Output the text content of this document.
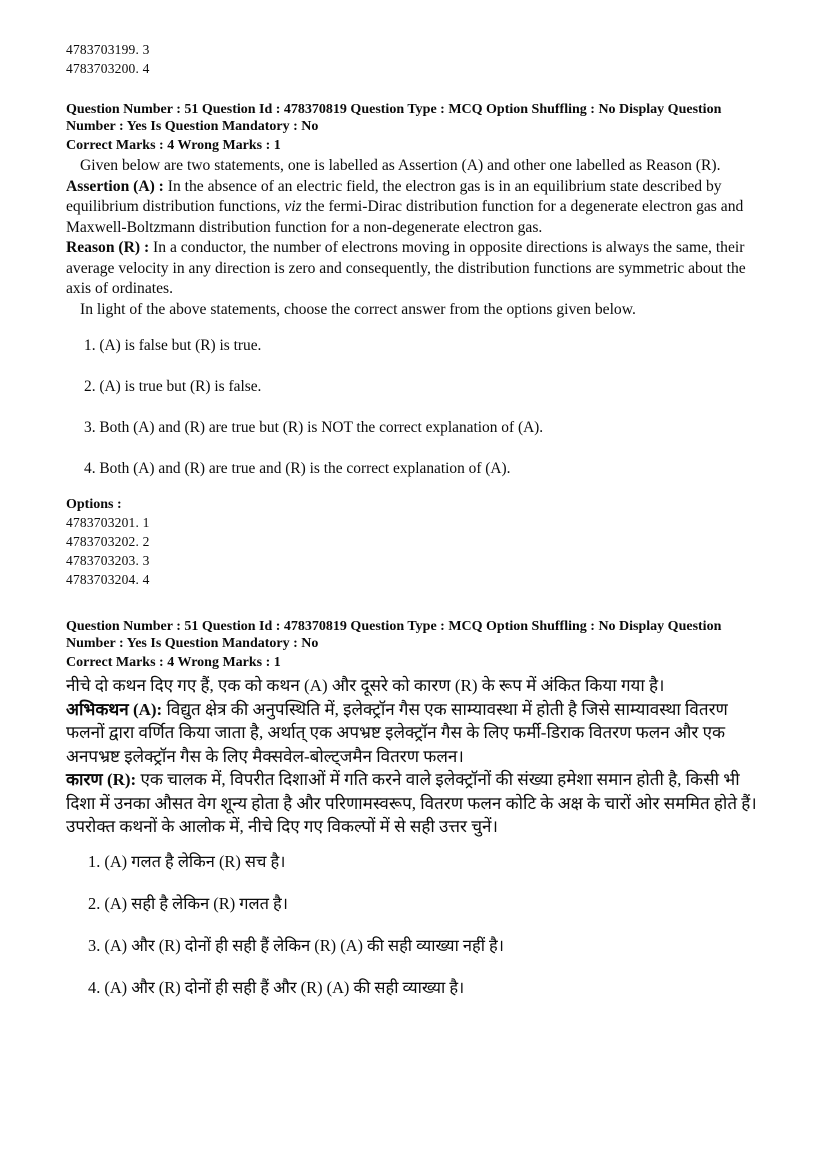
4783703199. 3
4783703200. 4
Question Number : 51 Question Id : 478370819 Question Type : MCQ Option Shuffling : No Display Question
Number : Yes Is Question Mandatory : No
Correct Marks : 4 Wrong Marks : 1

Given below are two statements, one is labelled as Assertion (A) and other one labelled as Reason (R).

Assertion (A) : In the absence of an electric field, the electron gas is in an equilibrium state described by equilibrium distribution functions, viz the fermi-Dirac distribution function for a degenerate electron gas and Maxwell-Boltzmann distribution function for a non-degenerate electron gas.

Reason (R) : In a conductor, the number of electrons moving in opposite directions is always the same, their average velocity in any direction is zero and consequently, the distribution functions are symmetric about the axis of ordinates.

In light of the above statements, choose the correct answer from the options given below.

1. (A) is false but (R) is true.

2. (A) is true but (R) is false.

3. Both (A) and (R) are true but (R) is NOT the correct explanation of (A).

4. Both (A) and (R) are true and (R) is the correct explanation of (A).

Options :
4783703201. 1
4783703202. 2
4783703203. 3
4783703204. 4
Question Number : 51 Question Id : 478370819 Question Type : MCQ Option Shuffling : No Display Question
Number : Yes Is Question Mandatory : No
Correct Marks : 4 Wrong Marks : 1

नीचे दो कथन दिए गए हैं, एक को कथन (A) और दूसरे को कारण (R) के रूप में अंकित किया गया है।

अभिकथन (A): विद्युत क्षेत्र की अनुपस्थिति में, इलेक्ट्रॉन गैस एक साम्यावस्था में होती है जिसे साम्यावस्था वितरण फलनों द्वारा वर्णित किया जाता है, अर्थात् एक अपभ्रष्ट इलेक्ट्रॉन गैस के लिए फर्मी-डिराक वितरण फलन और एक अनपभ्रष्ट इलेक्ट्रॉन गैस के लिए मैक्सवेल-बोल्ट्जमैन वितरण फलन।

कारण (R): एक चालक में, विपरीत दिशाओं में गति करने वाले इलेक्ट्रॉनों की संख्या हमेशा समान होती है, किसी भी दिशा में उनका औसत वेग शून्य होता है और परिणामस्वरूप, वितरण फलन कोटि के अक्ष के चारों ओर सममित होते हैं।

उपरोक्त कथनों के आलोक में, नीचे दिए गए विकल्पों में से सही उत्तर चुनें।

1. (A) गलत है लेकिन (R) सच है।

2. (A) सही है लेकिन (R) गलत है।

3. (A) और (R) दोनों ही सही हैं लेकिन (R) (A) की सही व्याख्या नहीं है।

4. (A) और (R) दोनों ही सही हैं और (R) (A) की सही व्याख्या है।
